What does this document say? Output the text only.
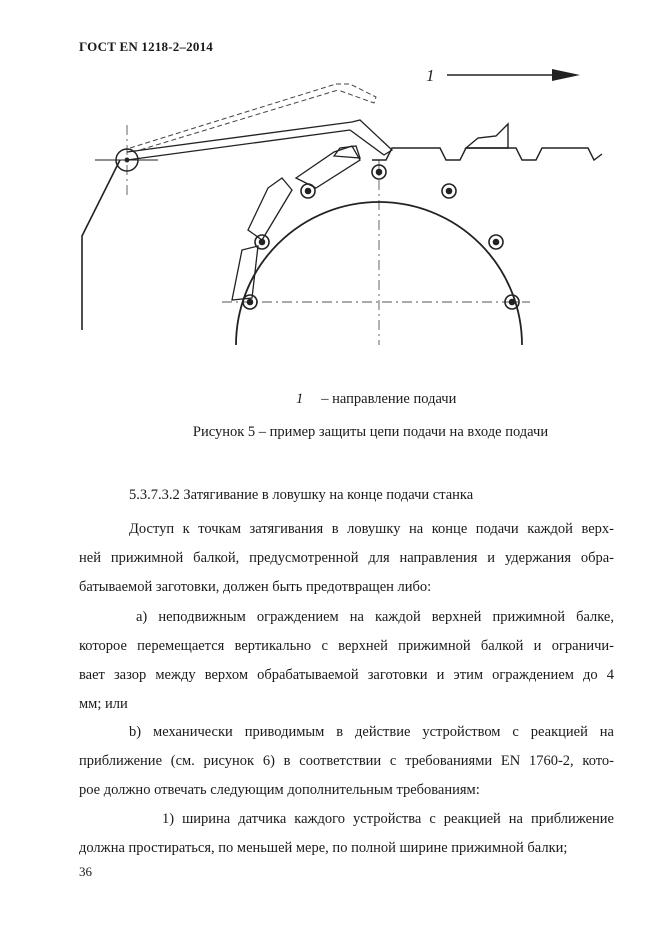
ГОСТ EN 1218-2–2014
1
1 – направление подачи
Рисунок 5 – пример защиты цепи подачи на входе подачи
5.3.7.3.2 Затягивание в ловушку на конце подачи станка
Доступ к точкам затягивания в ловушку на конце подачи каждой верх-
ней прижимной балкой, предусмотренной для направления и удержания обра-
батываемой заготовки, должен быть предотвращен либо:
а) неподвижным ограждением на каждой верхней прижимной балке,
которое перемещается вертикально с верхней прижимной балкой и ограничи-
вает зазор между верхом обрабатываемой заготовки и этим ограждением до 4
мм; или
b) механически приводимым в действие устройством с реакцией на
приближение (см. рисунок 6) в соответствии с требованиями EN 1760-2, кото-
рое должно отвечать следующим дополнительным требованиям:
1) ширина датчика каждого устройства с реакцией на приближение
должна простираться, по меньшей мере, по полной ширине прижимной балки;
36
